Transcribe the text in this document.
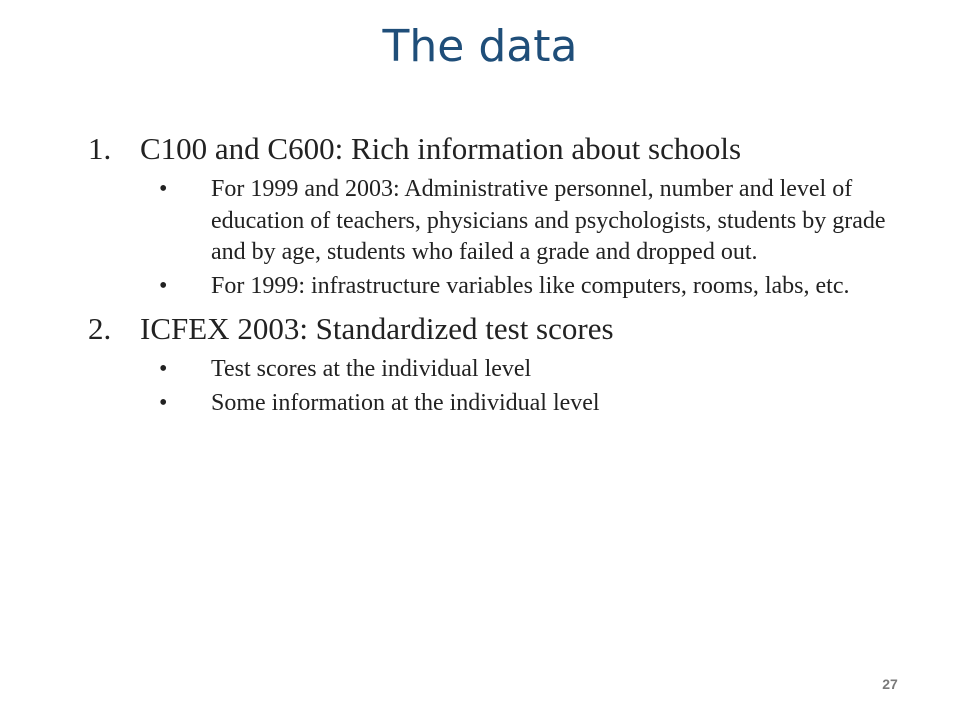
The data
1. C100 and C600: Rich information about schools
• For 1999 and 2003: Administrative personnel, number and level of education of teachers, physicians and psychologists, students by grade and by age, students who failed a grade and dropped out.
• For 1999: infrastructure variables like computers, rooms, labs, etc.
2. ICFEX 2003: Standardized test scores
• Test scores at the individual level
• Some information at the individual level
27
